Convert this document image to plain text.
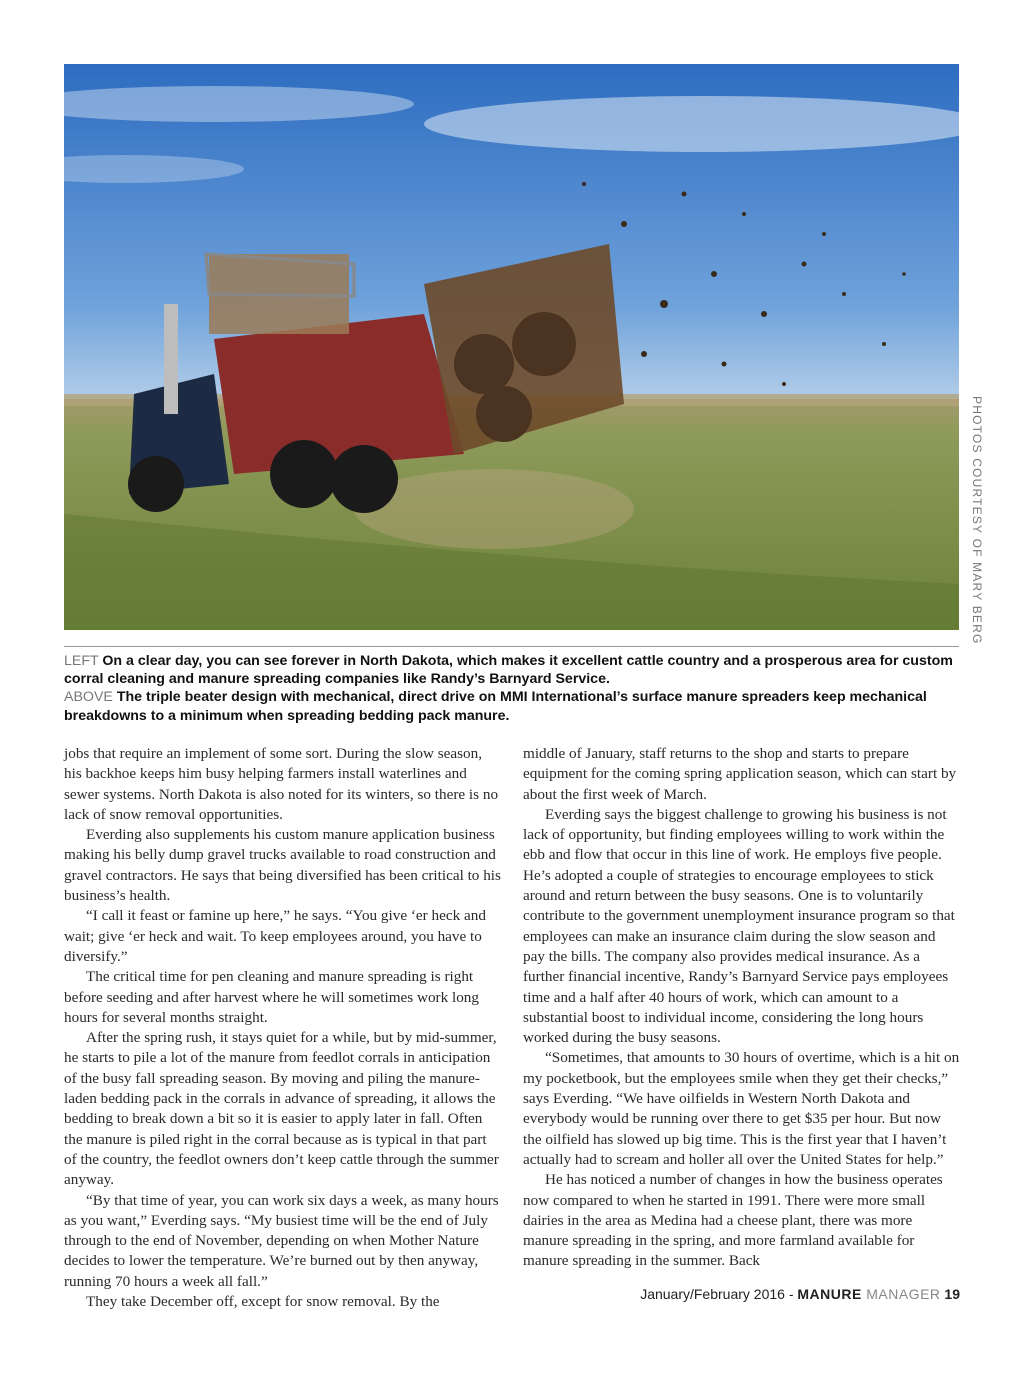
PHOTOS COURTESY OF MARY BERG
LEFT On a clear day, you can see forever in North Dakota, which makes it excellent cattle country and a prosperous area for custom corral cleaning and manure spreading companies like Randy’s Barnyard Service.
ABOVE The triple beater design with mechanical, direct drive on MMI International’s surface manure spreaders keep mechanical breakdowns to a minimum when spreading bedding pack manure.

jobs that require an implement of some sort. During the slow season, his backhoe keeps him busy helping farmers install waterlines and sewer systems. North Dakota is also noted for its winters, so there is no lack of snow removal opportunities.

Everding also supplements his custom manure application business making his belly dump gravel trucks available to road construction and gravel contractors. He says that being diversified has been critical to his business’s health.

“I call it feast or famine up here,” he says. “You give ‘er heck and wait; give ‘er heck and wait. To keep employees around, you have to diversify.”

The critical time for pen cleaning and manure spreading is right before seeding and after harvest where he will sometimes work long hours for several months straight.

After the spring rush, it stays quiet for a while, but by mid-summer, he starts to pile a lot of the manure from feedlot corrals in anticipation of the busy fall spreading season. By moving and piling the manure-laden bedding pack in the corrals in advance of spreading, it allows the bedding to break down a bit so it is easier to apply later in fall. Often the manure is piled right in the corral because as is typical in that part of the country, the feedlot owners don’t keep cattle through the summer anyway.

“By that time of year, you can work six days a week, as many hours as you want,” Everding says. “My busiest time will be the end of July through to the end of November, depending on when Mother Nature decides to lower the temperature. We’re burned out by then anyway, running 70 hours a week all fall.”

They take December off, except for snow removal. By the

middle of January, staff returns to the shop and starts to prepare equipment for the coming spring application season, which can start by about the first week of March.

Everding says the biggest challenge to growing his business is not lack of opportunity, but finding employees willing to work within the ebb and flow that occur in this line of work. He employs five people. He’s adopted a couple of strategies to encourage employees to stick around and return between the busy seasons. One is to voluntarily contribute to the government unemployment insurance program so that employees can make an insurance claim during the slow season and pay the bills. The company also provides medical insurance. As a further financial incentive, Randy’s Barnyard Service pays employees time and a half after 40 hours of work, which can amount to a substantial boost to individual income, considering the long hours worked during the busy seasons.

“Sometimes, that amounts to 30 hours of overtime, which is a hit on my pocketbook, but the employees smile when they get their checks,” says Everding. “We have oilfields in Western North Dakota and everybody would be running over there to get $35 per hour. But now the oilfield has slowed up big time. This is the first year that I haven’t actually had to scream and holler all over the United States for help.”

He has noticed a number of changes in how the business operates now compared to when he started in 1991. There were more small dairies in the area as Medina had a cheese plant, there was more manure spreading in the spring, and more farmland available for manure spreading in the summer. Back

January/February 2016 - MANURE MANAGER 19
